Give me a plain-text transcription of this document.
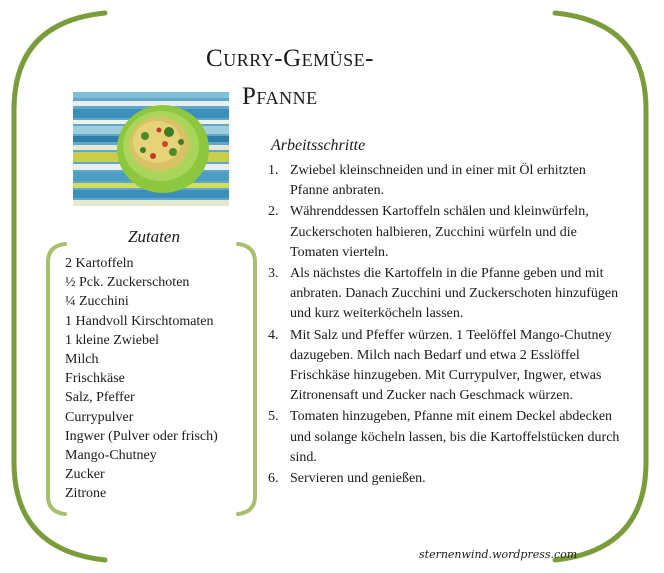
Curry-Gemüse-
Pfanne
Zutaten
2 Kartoffeln
½ Pck. Zuckerschoten
¼ Zucchini
1 Handvoll Kirschtomaten
1 kleine Zwiebel
Milch
Frischkäse
Salz, Pfeffer
Currypulver
Ingwer (Pulver oder frisch)
Mango-Chutney
Zucker
Zitrone
Arbeitsschritte
1. Zwiebel kleinschneiden und in einer mit Öl erhitzten Pfanne anbraten.
2. Währenddessen Kartoffeln schälen und kleinwürfeln, Zuckerschoten halbieren, Zucchini würfeln und die Tomaten vierteln.
3. Als nächstes die Kartoffeln in die Pfanne geben und mit anbraten. Danach Zucchini und Zuckerschoten hinzufügen und kurz weiterköcheln lassen.
4. Mit Salz und Pfeffer würzen. 1 Teelöffel Mango-Chutney dazugeben. Milch nach Bedarf und etwa 2 Esslöffel Frischkäse hinzugeben. Mit Currypulver, Ingwer, etwas Zitronensaft und Zucker nach Geschmack würzen.
5. Tomaten hinzugeben, Pfanne mit einem Deckel abdecken und solange köcheln lassen, bis die Kartoffelstücken durch sind.
6. Servieren und genießen.
sternenwind.wordpress.com
